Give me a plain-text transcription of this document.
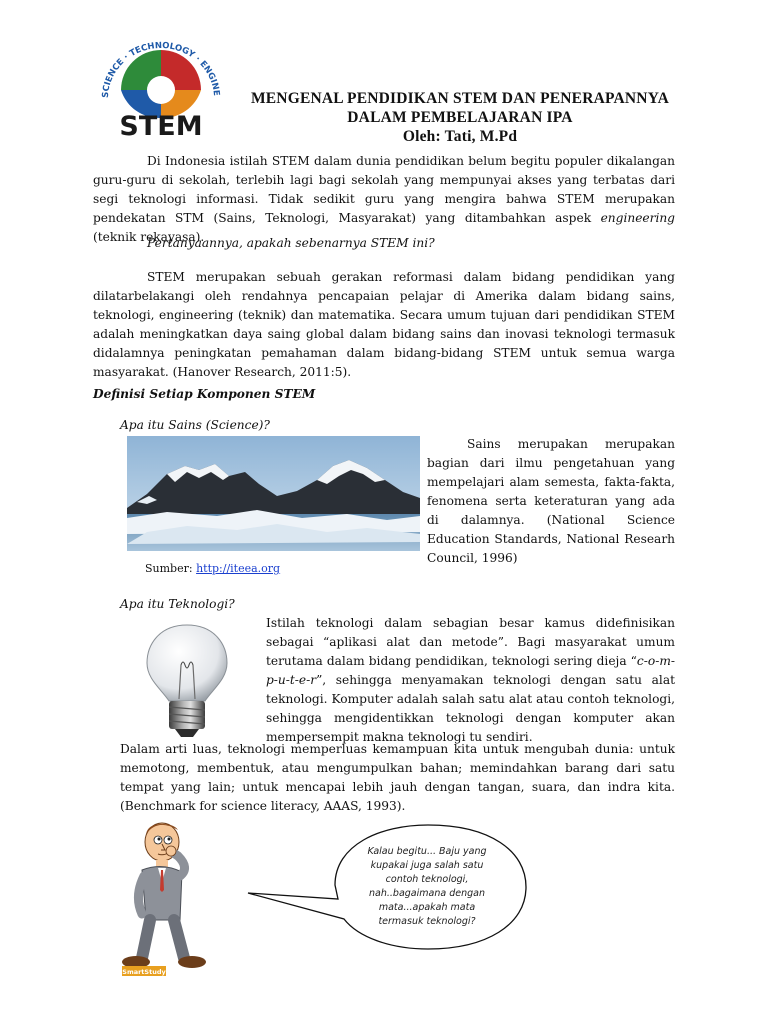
SCIENCE · TECHNOLOGY · ENGINE
STEM
MENGENAL PENDIDIKAN STEM DAN PENERAPANNYA
DALAM PEMBELAJARAN IPA
Oleh: Tati, M.Pd
Di Indonesia istilah STEM dalam dunia pendidikan belum begitu populer dikalangan guru-guru di sekolah, terlebih lagi bagi sekolah yang mempunyai akses yang terbatas dari segi teknologi informasi. Tidak sedikit guru yang mengira bahwa STEM merupakan pendekatan STM (Sains, Teknologi, Masyarakat) yang ditambahkan aspek engineering (teknik rekayasa).
Pertanyaannya, apakah sebenarnya STEM ini?
STEM merupakan sebuah gerakan reformasi dalam bidang pendidikan yang dilatarbelakangi oleh rendahnya pencapaian pelajar di Amerika dalam bidang sains, teknologi, engineering (teknik) dan matematika. Secara umum tujuan dari pendidikan STEM adalah meningkatkan daya saing global dalam bidang sains dan inovasi teknologi termasuk didalamnya peningkatan pemahaman dalam bidang-bidang STEM untuk semua warga masyarakat. (Hanover Research, 2011:5).
Definisi Setiap Komponen STEM
Apa itu Sains (Science)?
Sains merupakan merupakan bagian dari ilmu pengetahuan yang mempelajari alam semesta, fakta-fakta, fenomena serta keteraturan yang ada di dalamnya. (National Science Education Standards, National Researh Council, 1996)
Sumber: http://iteea.org
Apa itu Teknologi?
Istilah teknologi dalam sebagian besar kamus didefinisikan sebagai “aplikasi alat dan metode”. Bagi masyarakat umum terutama dalam bidang pendidikan, teknologi sering dieja “c-o-m-p-u-t-e-r”, sehingga menyamakan teknologi dengan satu alat teknologi. Komputer adalah salah satu alat atau contoh teknologi, sehingga mengidentikkan teknologi dengan komputer akan mempersempit makna teknologi tu sendiri.
Dalam arti luas, teknologi memperluas kemampuan kita untuk mengubah dunia: untuk memotong, membentuk, atau mengumpulkan bahan; memindahkan barang dari satu tempat yang lain; untuk mencapai lebih jauh dengan tangan, suara, dan indra kita. (Benchmark for science literacy, AAAS, 1993).
SmartStudy
Kalau begitu... Baju yang kupakai juga salah satu contoh teknologi, nah..bagaimana dengan mata...apakah mata termasuk teknologi?
